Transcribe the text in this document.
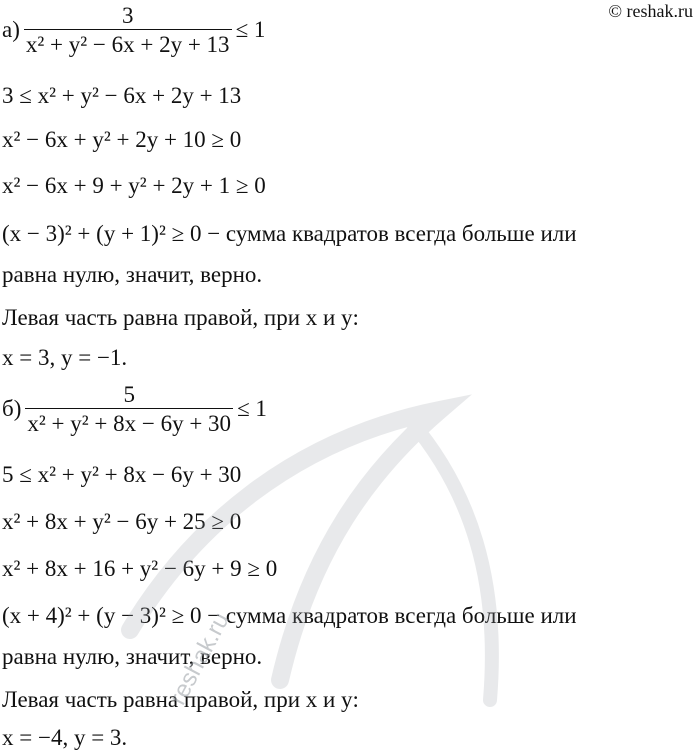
© reshak.ru
$а) \frac{3}{\text{x² + y² − 6x + 2y + 13}} \le 1$
3 ≤ x² + y² − 6x + 2y + 13
x² − 6x + y² + 2y + 10 ≥ 0
x² − 6x + 9 + y² + 2y + 1 ≥ 0
(x − 3)² + (y + 1)² ≥ 0 − сумма квадратов всегда больше или
равна нулю, значит, верно.
Левая часть равна правой, при x и y:
x = 3, y = −1.
$б) \frac{5}{\text{x² + y² + 8x − 6y + 30}} \le 1$
5 ≤ x² + y² + 8x − 6y + 30
x² + 8x + y² − 6y + 25 ≥ 0
x² + 8x + 16 + y² − 6y + 9 ≥ 0
(x + 4)² + (y − 3)² ≥ 0 − сумма квадратов всегда больше или
равна нулю, значит, верно.
Левая часть равна правой, при x и y:
x = −4, y = 3.
reshak.ru
